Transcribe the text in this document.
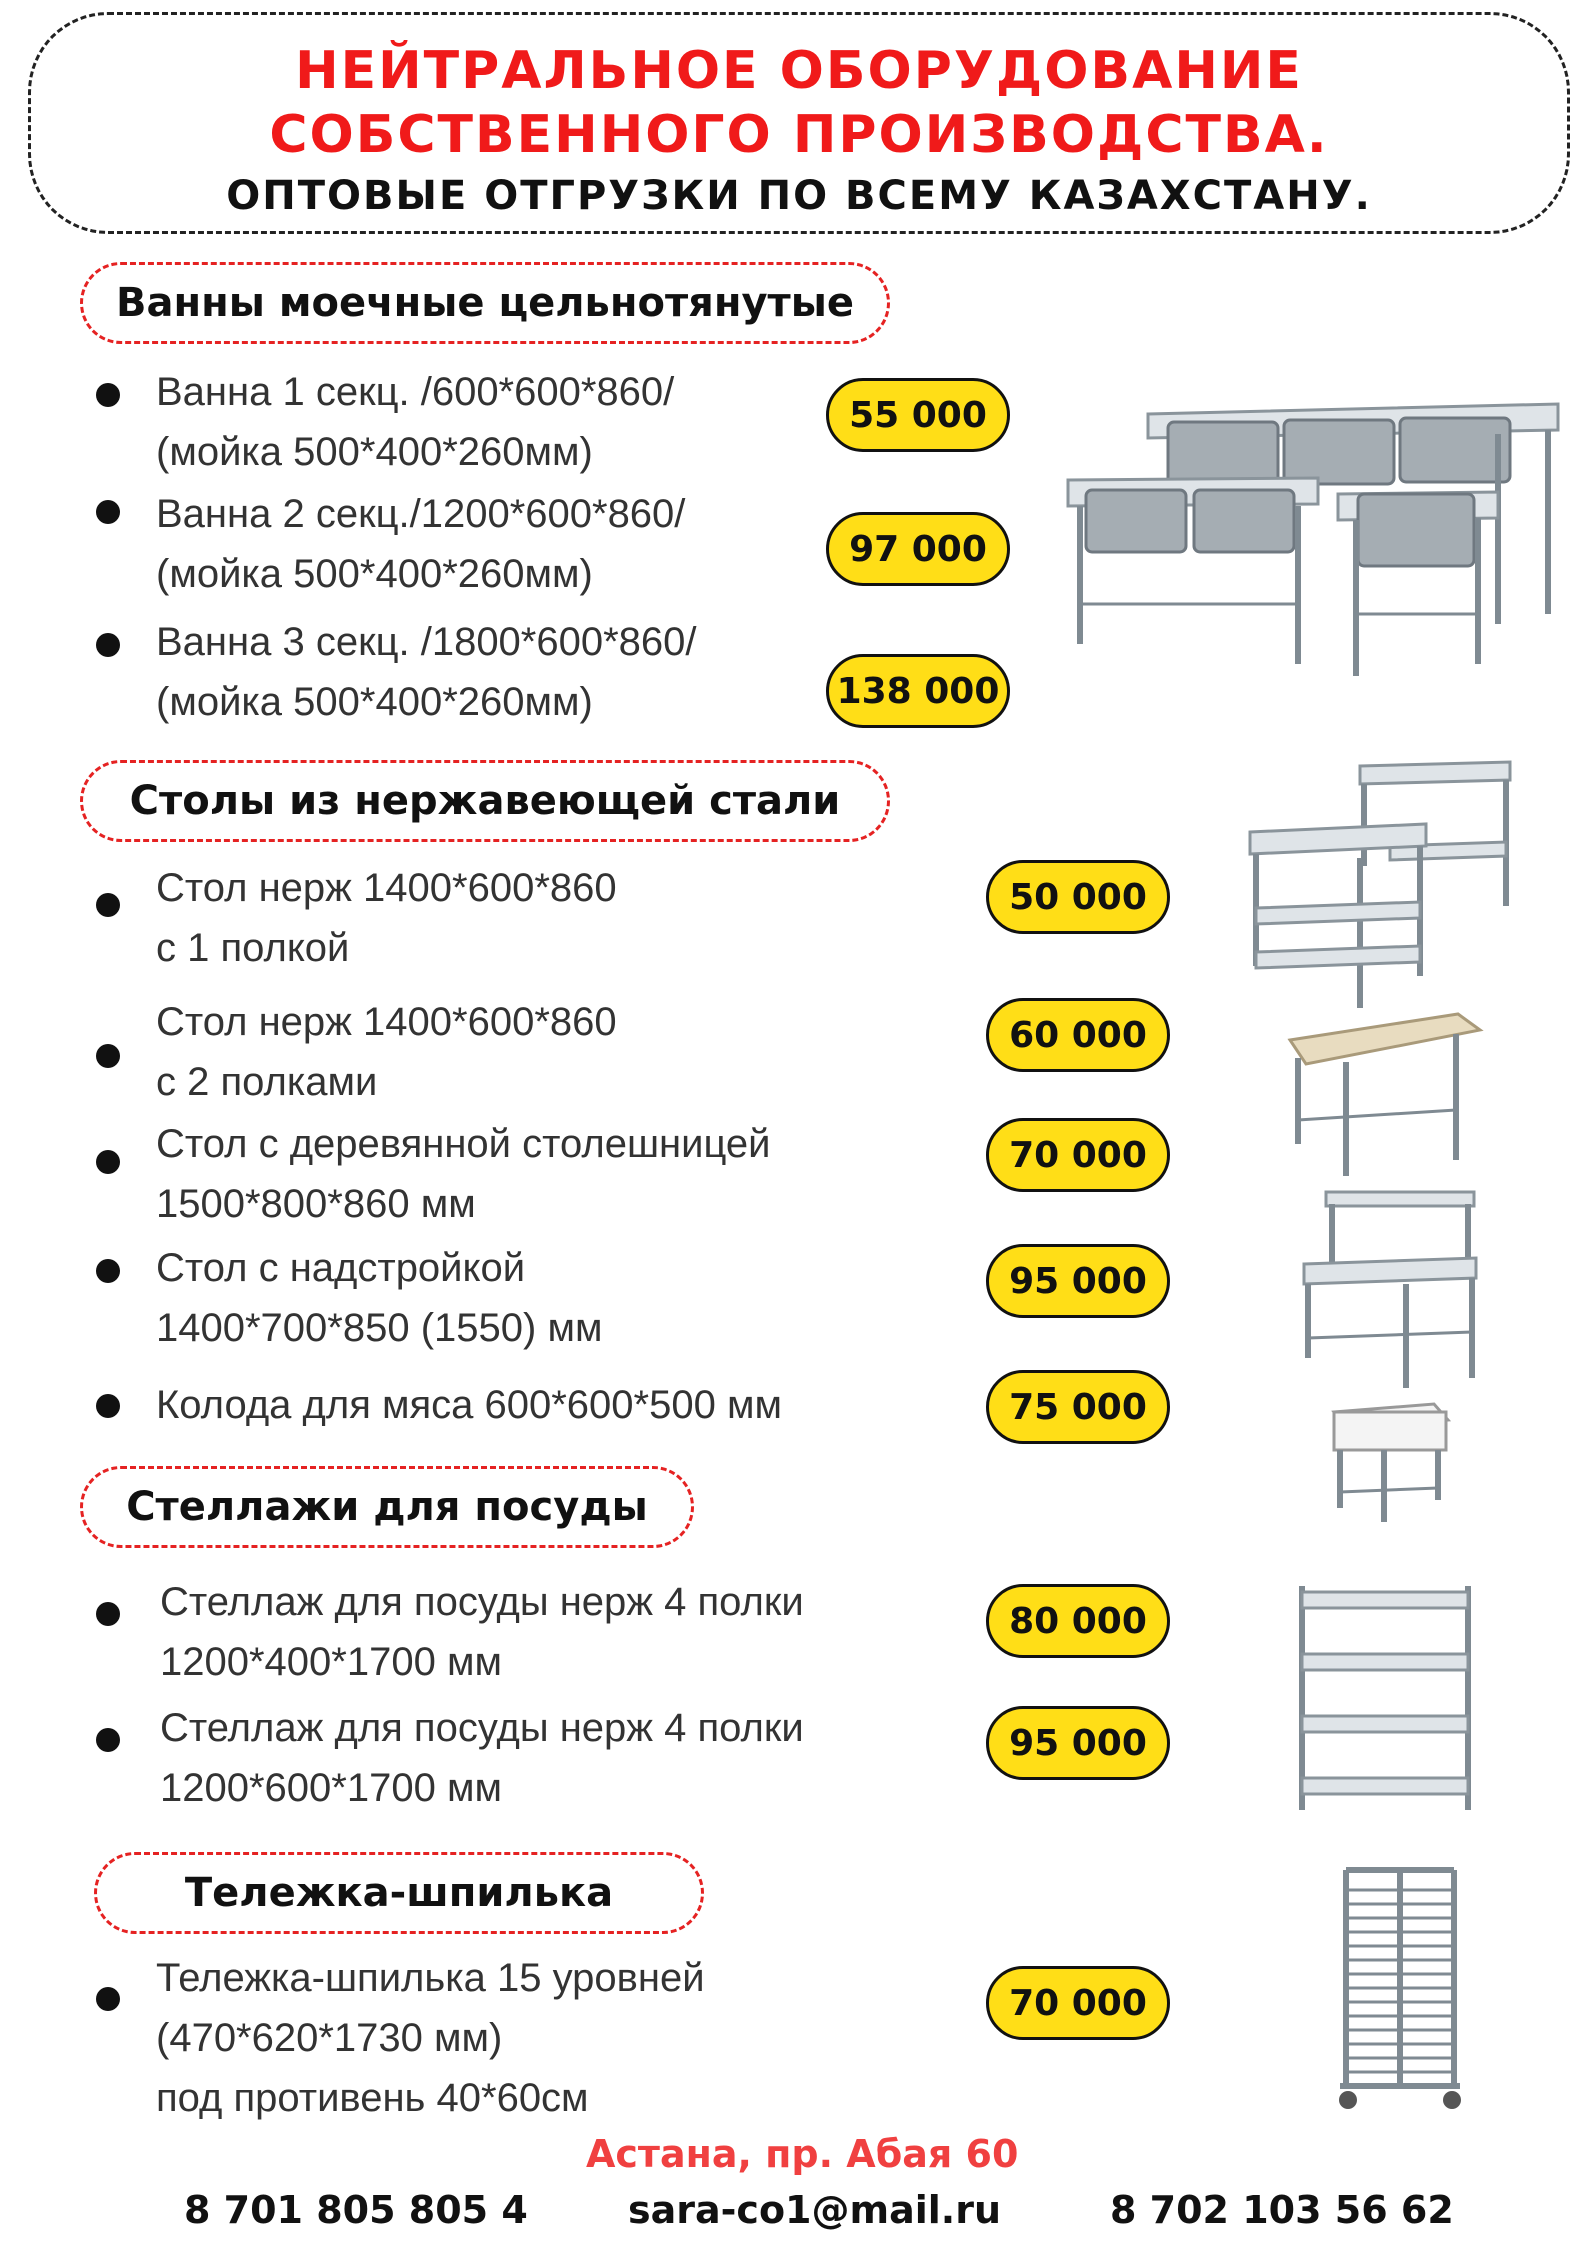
НЕЙТРАЛЬНОЕ ОБОРУДОВАНИЕ
СОБСТВЕННОГО ПРОИЗВОДСТВА.
ОПТОВЫЕ ОТГРУЗКИ ПО ВСЕМУ КАЗАХСТАНУ.
Ванны моечные цельнотянутые
Ванна 1 секц. /600*600*860/
(мойка 500*400*260мм)
55 000
Ванна 2 секц./1200*600*860/
(мойка 500*400*260мм)
97 000
Ванна 3 секц. /1800*600*860/
(мойка 500*400*260мм)	138 000
Столы из нержавеющей стали
Стол нерж 1400*600*860
с 1 полкой
50 000
Стол нерж 1400*600*860
с 2 полками
60 000
Стол с деревянной столешницей
1500*800*860 мм
70 000
Стол с надстройкой
1400*700*850 (1550) мм
95 000
Колода для мяса 600*600*500 мм	75 000
Стеллажи для посуды
Стеллаж для посуды нерж 4 полки
1200*400*1700 мм
80 000
Стеллаж для посуды нерж 4 полки
1200*600*1700 мм
95 000
Тележка-шпилька
Тележка-шпилька 15 уровней
(470*620*1730 мм)
под противень 40*60см
70 000
Астана, пр. Абая 60
8 701 805 805 4	sara-co1@mail.ru	8 702 103 56 62
